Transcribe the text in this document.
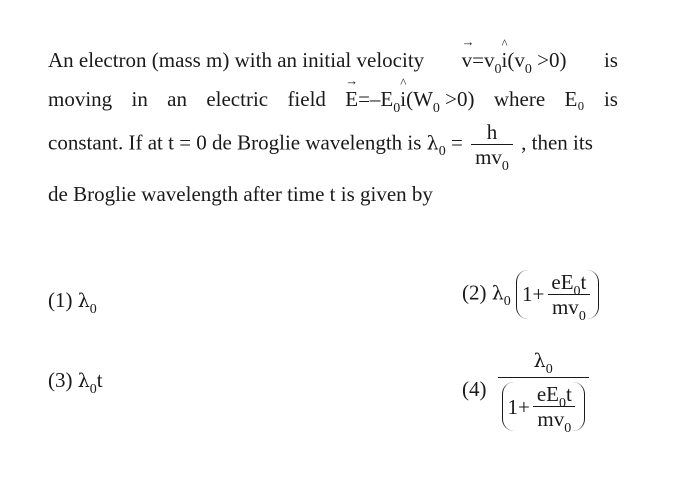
An electron (mass m) with an initial velocity → $v=v_0\^{}$ $i(v_0 >0)$ is
moving in an electric field → $E=-E_0\^{}$ $i(W_0 >0)$ where E₀ is
constant. If at t = 0 de Broglie wavelength is $\lambda_0 = \frac{h}{mv_0}$ , then its
de Broglie wavelength after time t is given by
(1) $\lambda_0$
(2) $\lambda_0$ $1+ \frac{eE_0t}{mv_0}$
(3) $\lambda_0t$	$(4) \frac{\lambda_0}{1+ \frac{eE_0t}{mv_0}}$
